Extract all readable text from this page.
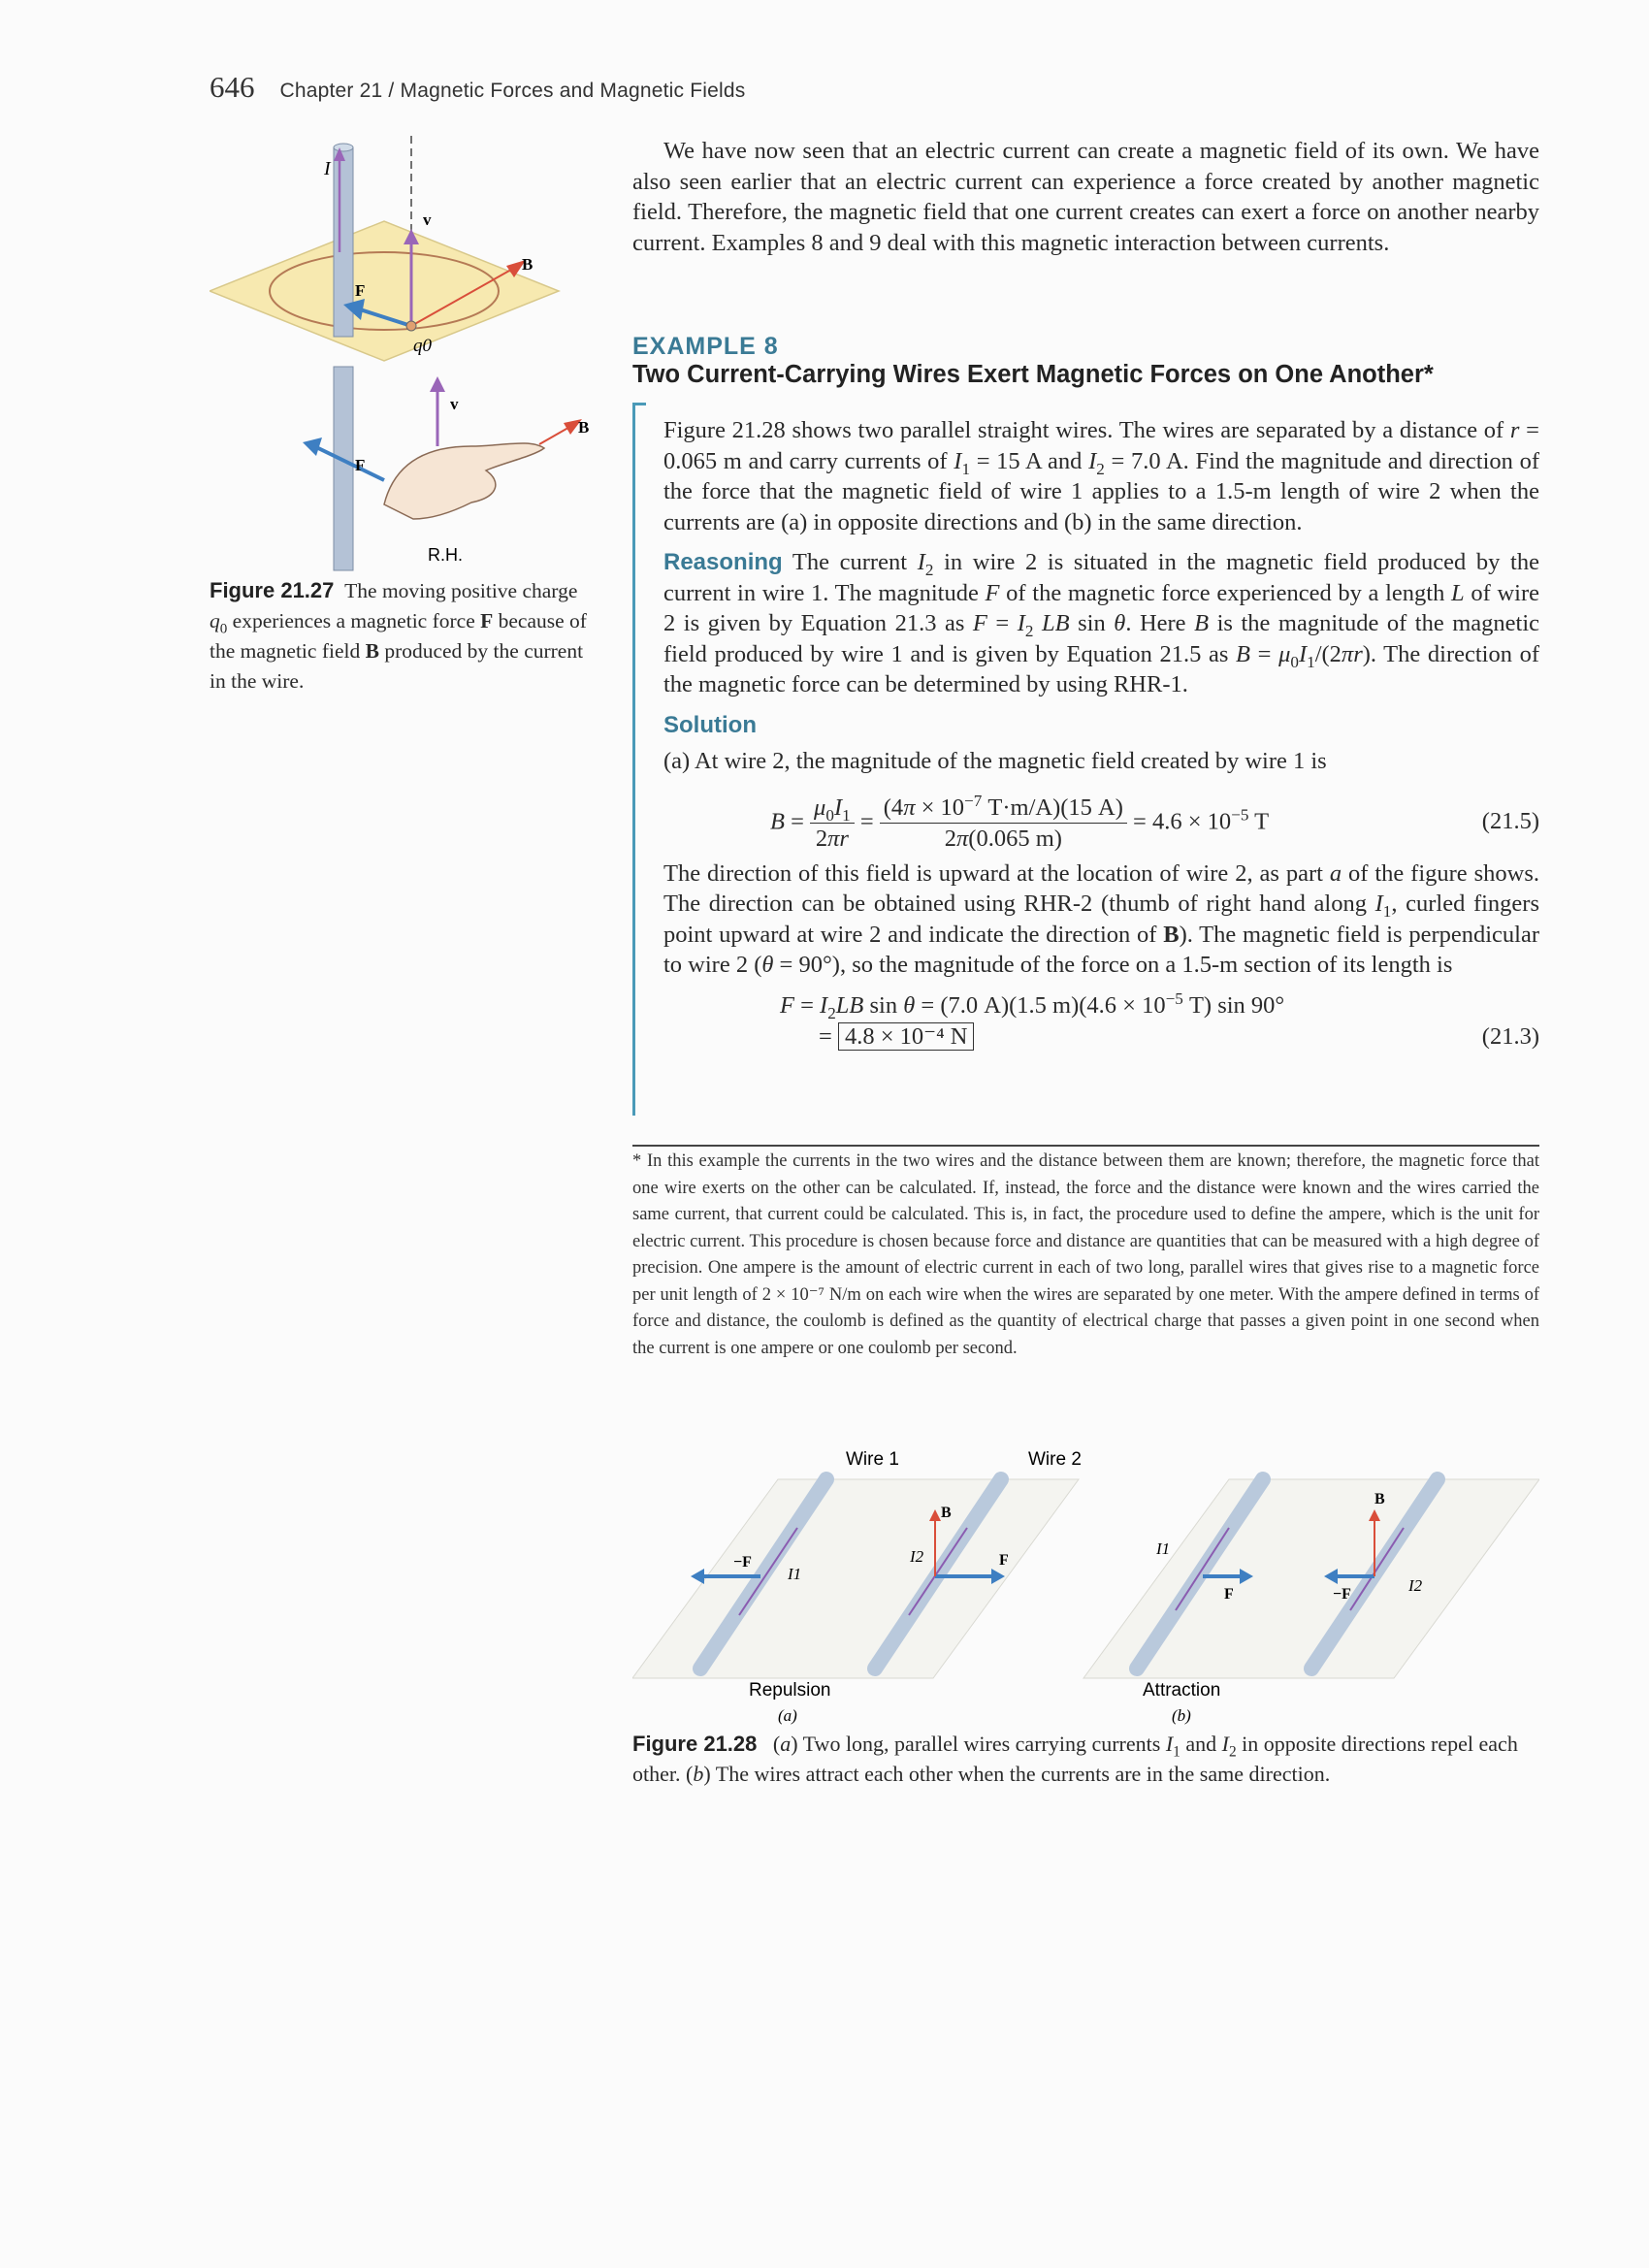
646 Chapter 21 / Magnetic Forces and Magnetic Fields
I
v
F
B
q0
v
F
B
R.H.
Figure 21.27  The moving positive charge $q_0$ experiences a magnetic force F because of the magnetic field B produced by the current in the wire.
We have now seen that an electric current can create a magnetic field of its own. We have also seen earlier that an electric current can experience a force created by another magnetic field. Therefore, the magnetic field that one current creates can exert a force on another nearby current. Examples 8 and 9 deal with this magnetic interaction between currents.
EXAMPLE 8
Two Current-Carrying Wires Exert Magnetic Forces on One Another*

Figure 21.28 shows two parallel straight wires. The wires are separated by a distance of r = 0.065 m and carry currents of $I_1 = 15$ A and $I_2 = 7.0$ A. Find the magnitude and direction of the force that the magnetic field of wire 1 applies to a 1.5-m length of wire 2 when the currents are (a) in opposite directions and (b) in the same direction.

Reasoning The current $I_2$ in wire 2 is situated in the magnetic field produced by the current in wire 1. The magnitude F of the magnetic force experienced by a length L of wire 2 is given by Equation 21.3 as $F = I_2$ LB sin θ. Here B is the magnitude of the magnetic field produced by wire 1 and is given by Equation 21.5 as $B = \mu_0I_1/(2\pi r)$. The direction of the magnetic force can be determined by using RHR-1.

Solution

(a) At wire 2, the magnitude of the magnetic field created by wire 1 is

$B = \frac{\mu_0I_1}{2\pi r} = \frac{(4\pi \times 10^{-7} T\cdot m/A)(15 A)}{2\pi(0.065 m)} = 4.6 \times 10^{-5}$ T	(21.5)

The direction of this field is upward at the location of wire 2, as part a of the figure shows. The direction can be obtained using RHR-2 (thumb of right hand along $I_1$, curled fingers point upward at wire 2 and indicate the direction of B). The magnetic field is perpendicular to wire 2 (θ = 90°), so the magnitude of the force on a 1.5-m section of its length is

$F = I_2LB$ sin θ = (7.0 A)(1.5 $m)(4.6 \times 10^{-5}$ T) sin 90°
= 4.8 × 10⁻⁴ N	(21.3)
* In this example the currents in the two wires and the distance between them are known; therefore, the magnetic force that one wire exerts on the other can be calculated. If, instead, the force and the distance were known and the wires carried the same current, that current could be calculated. This is, in fact, the procedure used to define the ampere, which is the unit for electric current. This procedure is chosen because force and distance are quantities that can be measured with a high degree of precision. One ampere is the amount of electric current in each of two long, parallel wires that gives rise to a magnetic force per unit length of 2 × 10⁻⁷ N/m on each wire when the wires are separated by one meter. With the ampere defined in terms of force and distance, the coulomb is defined as the quantity of electrical charge that passes a given point in one second when the current is one ampere or one coulomb per second.
Wire 1	Wire 2
−F
I1
B
I2	F
I1
F
B
−F	I2
Repulsion	Attraction
(a)	(b)
Figure 21.28   (a) Two long, parallel wires carrying currents $I_1$ and $I_2$ in opposite directions repel each other. (b) The wires attract each other when the currents are in the same direction.
